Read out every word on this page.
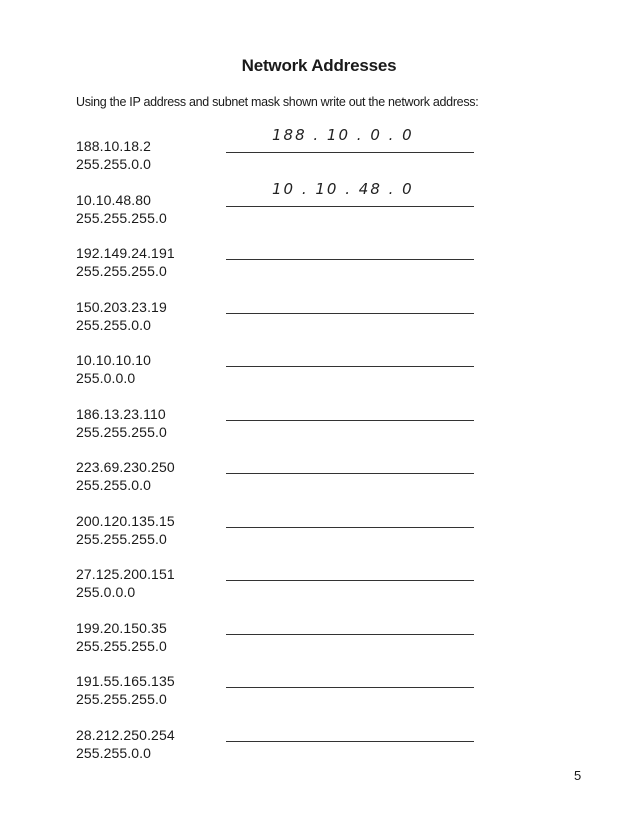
Network Addresses
Using the IP address and subnet mask shown write out the network address:
188.10.18.2
255.255.0.0
188 . 10 . 0 . 0
10.10.48.80
255.255.255.0
10 . 10 . 48 . 0
192.149.24.191
255.255.255.0
150.203.23.19
255.255.0.0
10.10.10.10
255.0.0.0
186.13.23.110
255.255.255.0
223.69.230.250
255.255.0.0
200.120.135.15
255.255.255.0
27.125.200.151
255.0.0.0
199.20.150.35
255.255.255.0
191.55.165.135
255.255.255.0
28.212.250.254
255.255.0.0
5
